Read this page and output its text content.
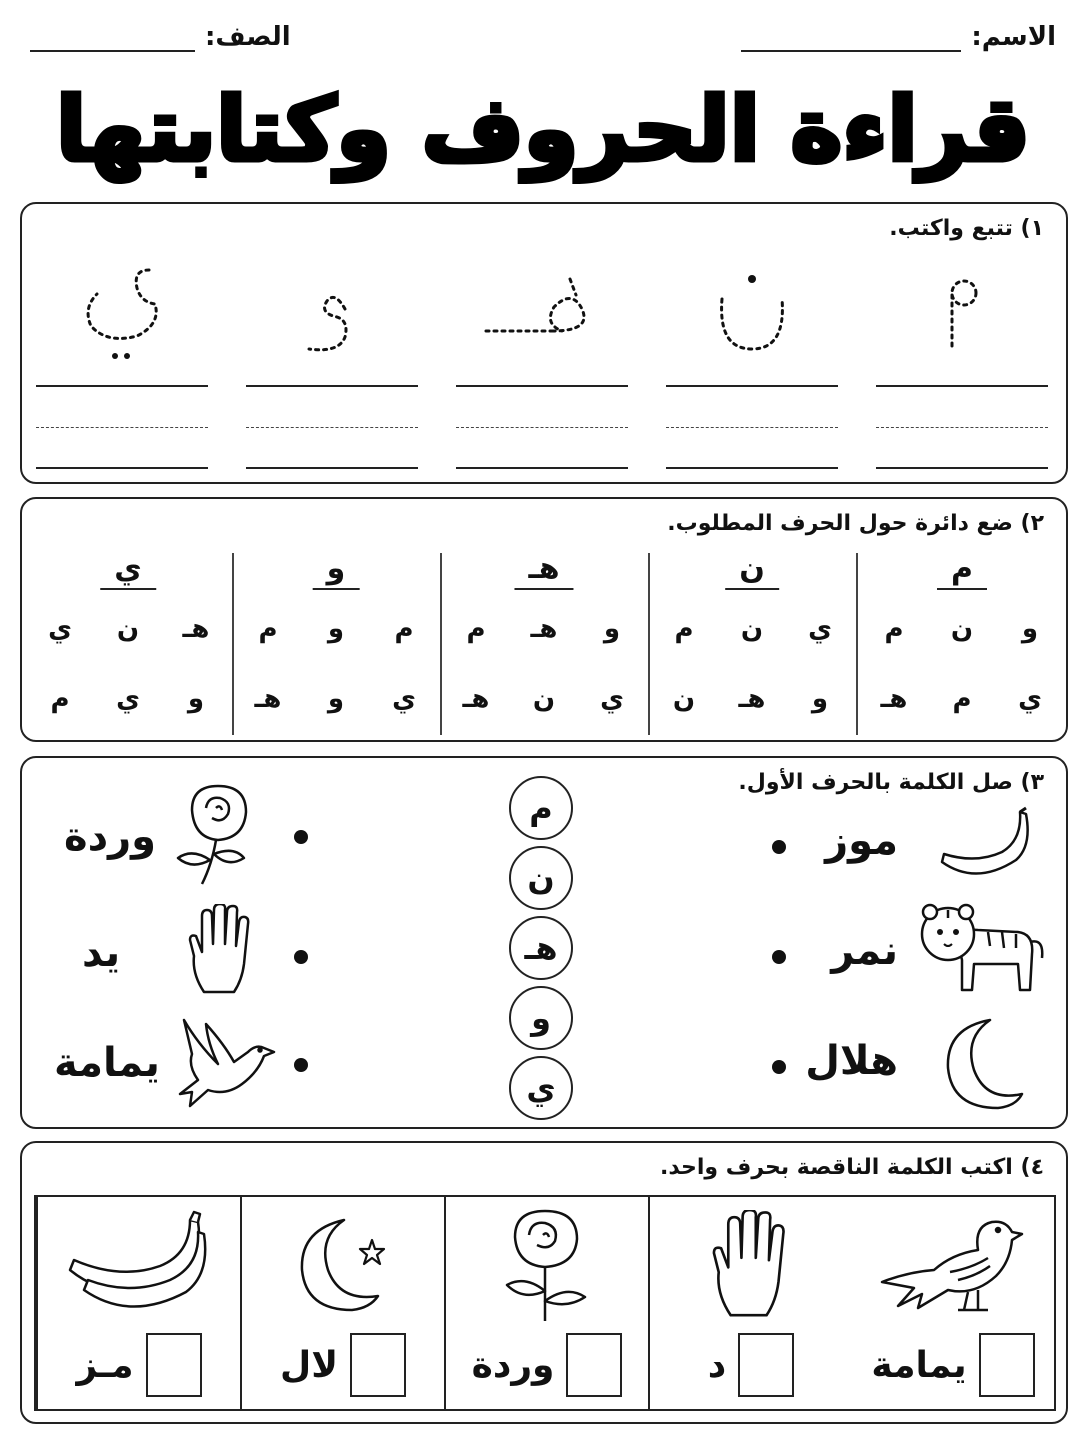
الاسم:
الصف:
قراءة الحروف وكتابتها
١) تتبع واكتب.
٢) ضع دائرة حول الحرف المطلوب.
م
م	ن	و
هـ	م	ي
ن
م	ن	ي
ن	هـ	و
هـ
م	هـ	و
هـ	ن	ي
و
م	و	م
هـ	و	ي
ي
ي	ن	هـ
م	ي	و
٣) صل الكلمة بالحرف الأول.
موز
نمر
هلال
م
ن
هـ
و
ي
وردة
يد
يمامة
٤) اكتب الكلمة الناقصة بحرف واحد.
مـز	لال	وردة	د	يمامة
